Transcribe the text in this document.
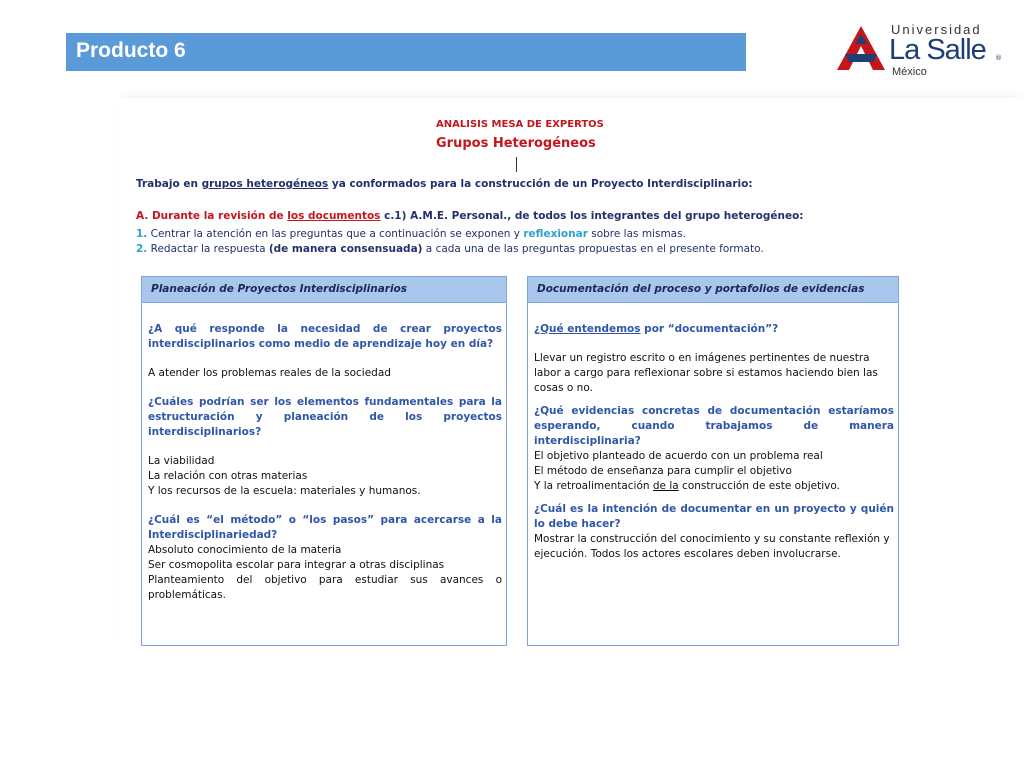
Producto 6
Universidad
La Salle ®
México
ANALISIS MESA DE EXPERTOS
Grupos Heterogéneos
Trabajo en grupos heterogéneos ya conformados para la construcción de un Proyecto Interdisciplinario:
A. Durante la revisión de los documentos c.1) A.M.E. Personal., de todos los integrantes del grupo heterogéneo:
1. Centrar la atención en las preguntas que a continuación se exponen y reflexionar sobre las mismas.
2. Redactar la respuesta (de manera consensuada) a cada una de las preguntas propuestas en el presente formato.
Planeación de Proyectos Interdisciplinarios
¿A qué responde la necesidad de crear proyectos interdisciplinarios como medio de aprendizaje hoy en día?
A atender los problemas reales de la sociedad
¿Cuáles podrían ser los elementos fundamentales para la estructuración y planeación de los proyectos interdisciplinarios?
La viabilidad
La relación con otras materias
Y los recursos de la escuela: materiales y humanos.
¿Cuál es “el método” o “los pasos” para acercarse a la Interdisciplinariedad?
Absoluto conocimiento de la materia
Ser cosmopolita escolar para integrar a otras disciplinas
Planteamiento del objetivo para estudiar sus avances o problemáticas.
Documentación del proceso y portafolios de evidencias
¿Qué entendemos por “documentación”?
Llevar un registro escrito o en imágenes pertinentes de nuestra labor a cargo para reflexionar sobre si estamos haciendo bien las cosas o no.
¿Qué evidencias concretas de documentación estaríamos esperando, cuando trabajamos de manera interdisciplinaria?
El objetivo planteado de acuerdo con un problema real
El método de enseñanza para cumplir el objetivo
Y la retroalimentación de la construcción de este objetivo.
¿Cuál es la intención de documentar en un proyecto y quién lo debe hacer?
Mostrar la construcción del conocimiento y su constante reflexión y ejecución. Todos los actores escolares deben involucrarse.
